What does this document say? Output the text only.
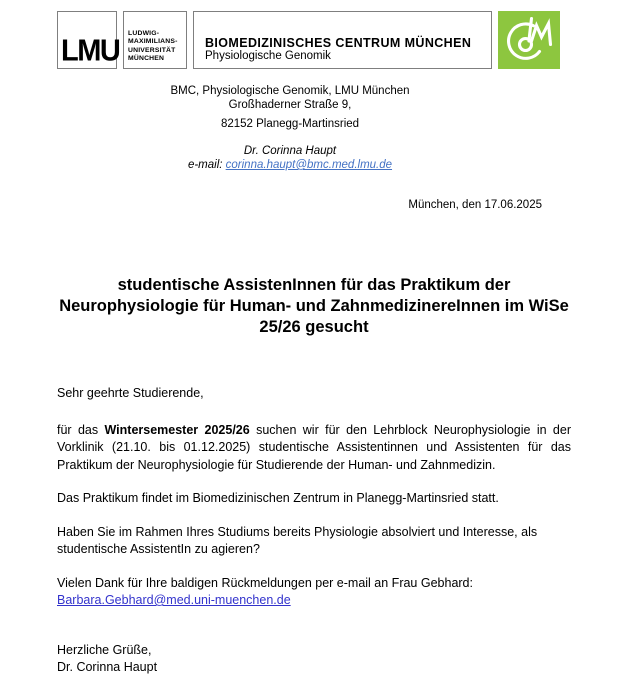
LMU
LUDWIG-
MAXIMILIANS-
UNIVERSITÄT
MÜNCHEN
BIOMEDIZINISCHES CENTRUM MÜNCHEN
Physiologische Genomik
BMC, Physiologische Genomik, LMU München
Großhaderner Straße 9,
82152 Planegg-Martinsried
Dr. Corinna Haupt
e-mail: corinna.haupt@bmc.med.lmu.de
München, den 17.06.2025
studentische AssistenInnen für das Praktikum der Neurophysiologie für Human- und ZahnmedizinereInnen im WiSe 25/26 gesucht

Sehr geehrte Studierende,

für das Wintersemester 2025/26 suchen wir für den Lehrblock Neurophysiologie in der Vorklinik (21.10. bis 01.12.2025) studentische Assistentinnen und Assistenten für das Praktikum der Neurophysiologie für Studierende der Human- und Zahnmedizin.

Das Praktikum findet im Biomedizinischen Zentrum in Planegg-Martinsried statt.

Haben Sie im Rahmen Ihres Studiums bereits Physiologie absolviert und Interesse, als studentische AssistentIn zu agieren?

Vielen Dank für Ihre baldigen Rückmeldungen per e-mail an Frau Gebhard:

Barbara.Gebhard@med.uni-muenchen.de

Herzliche Grüße,

Dr. Corinna Haupt
